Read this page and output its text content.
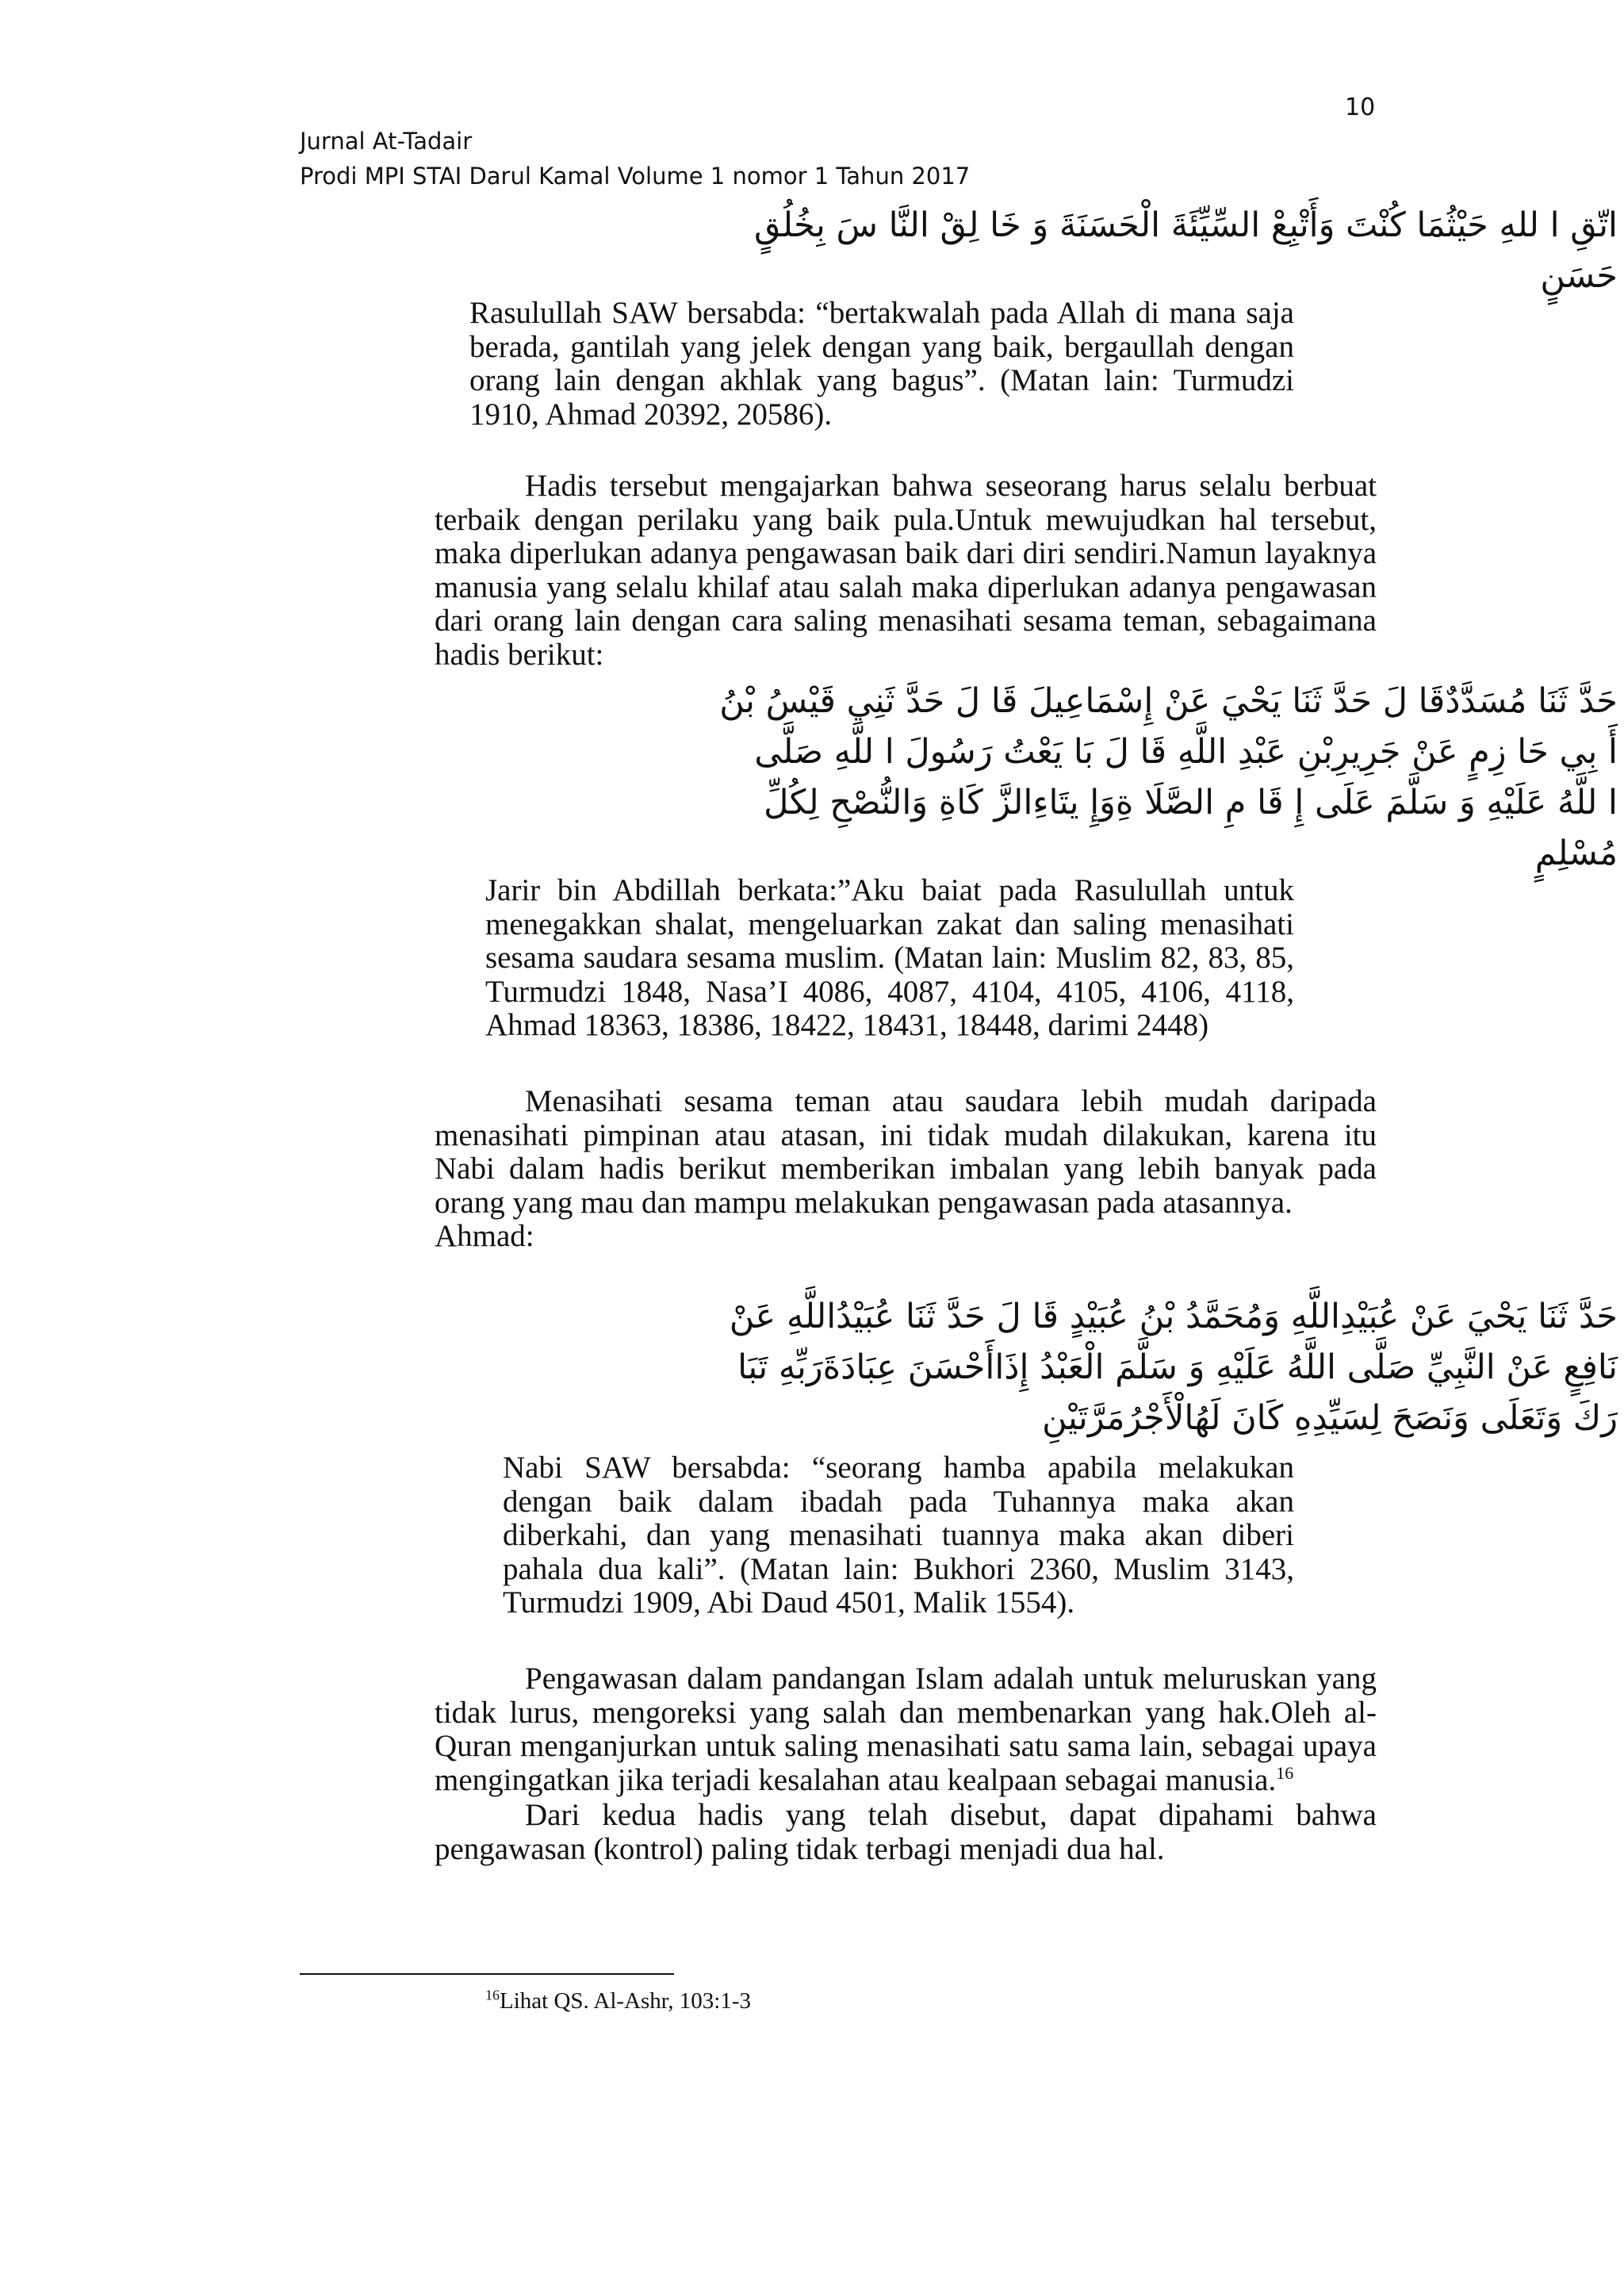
10
Jurnal At-Tadair
Prodi MPI STAI Darul Kamal Volume 1 nomor 1 Tahun 2017
اتّقِ ا للهِ حَيْثُمَا كُنْتَ وَأَتْبِعْ السِّيِّئَةَ الْحَسَنَةَ وَ خَا لِقْ النَّا سَ بِخُلُقٍ
حَسَنٍ
Rasulullah SAW bersabda: “bertakwalah pada Allah di mana saja
berada, gantilah yang jelek dengan yang baik, bergaullah dengan
orang lain dengan akhlak yang bagus”. (Matan lain: Turmudzi
1910, Ahmad 20392, 20586).
Hadis tersebut mengajarkan bahwa seseorang harus selalu berbuat
terbaik dengan perilaku yang baik pula.Untuk mewujudkan hal tersebut,
maka diperlukan adanya pengawasan baik dari diri sendiri.Namun layaknya
manusia yang selalu khilaf atau salah maka diperlukan adanya pengawasan
dari orang lain dengan cara saling menasihati sesama teman, sebagaimana
hadis berikut:
حَدَّ ثَنَا مُسَدَّدٌقَا لَ حَدَّ ثَنَا يَحْيَ عَنْ إِسْمَاعِيلَ قَا لَ حَدَّ ثَنِي قَيْسُ بْنُ
أَ بِي حَا زِمٍ عَنْ جَرِيرِبْنِ عَبْدِ اللَّهِ قَا لَ بَا يَعْتُ رَسُولَ ا للَّهِ صَلَّى
ا للَّهُ عَلَيْهِ وَ سَلَّمَ عَلَى إِ قَا مِ الصَّلَا ةِوَإِ يتَاءِالزَّ كَاةِ وَالنُّصْحِ لِكُلِّ
مُسْلِمٍ
Jarir bin Abdillah berkata:”Aku baiat pada Rasulullah untuk
menegakkan shalat, mengeluarkan zakat dan saling menasihati
sesama saudara sesama muslim. (Matan lain: Muslim 82, 83, 85,
Turmudzi 1848, Nasa’I 4086, 4087, 4104, 4105, 4106, 4118,
Ahmad 18363, 18386, 18422, 18431, 18448, darimi 2448)
Menasihati sesama teman atau saudara lebih mudah daripada
menasihati pimpinan atau atasan, ini tidak mudah dilakukan, karena itu
Nabi dalam hadis berikut memberikan imbalan yang lebih banyak pada
orang yang mau dan mampu melakukan pengawasan pada atasannya.
Ahmad:
حَدَّ ثَنَا يَحْيَ عَنْ عُبَيْدِاللَّهِ وَمُحَمَّدُ بْنُ عُبَيْدٍ قَا لَ حَدَّ ثَنَا عُبَيْدُاللَّهِ عَنْ
نَافِعٍ عَنْ النَّبِيِّ صَلَّى اللَّهُ عَلَيْهِ وَ سَلَّمَ الْعَبْدُ إِذَاأَحْسَنَ عِبَادَةَرَبِّهِ تَبَا
رَكَ وَتَعَلَى وَنَصَحَ لِسَيِّدِهِ كَانَ لَهُالْأَجْرُمَرَّتَيْنِ
Nabi SAW bersabda: “seorang hamba apabila melakukan
dengan baik dalam ibadah pada Tuhannya maka akan
diberkahi, dan yang menasihati tuannya maka akan diberi
pahala dua kali”. (Matan lain: Bukhori 2360, Muslim 3143,
Turmudzi 1909, Abi Daud 4501, Malik 1554).
Pengawasan dalam pandangan Islam adalah untuk meluruskan yang
tidak lurus, mengoreksi yang salah dan membenarkan yang hak.Oleh al-
Quran menganjurkan untuk saling menasihati satu sama lain, sebagai upaya
mengingatkan jika terjadi kesalahan atau kealpaan sebagai manusia.$^{16}$
Dari kedua hadis yang telah disebut, dapat dipahami bahwa
pengawasan (kontrol) paling tidak terbagi menjadi dua hal.
$^{16}$Lihat QS. Al-Ashr, 103:1-3
